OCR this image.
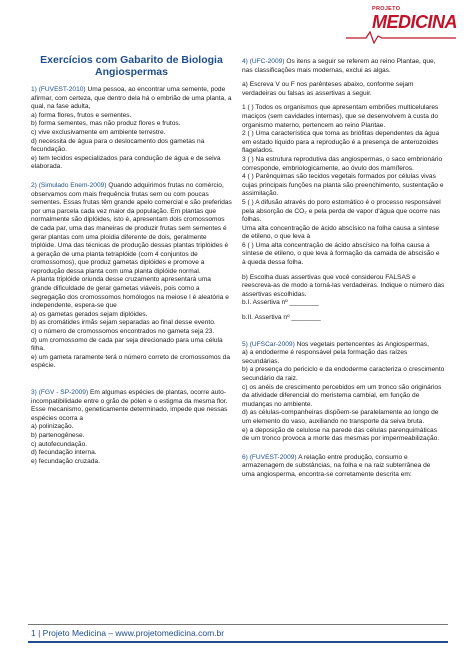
PROJETO
MEDICINA
Exercícios com Gabarito de Biologia Angiospermas

1) (FUVEST-2010) Uma pessoa, ao encontrar uma semente, pode afirmar, com certeza, que dentro dela há o embrião de uma planta, a qual, na fase adulta,

a) forma flores, frutos e sementes.

b) forma sementes, mas não produz flores e frutos.

c) vive exclusivamente em ambiente terrestre.

d) necessita de água para o deslocamento dos gametas na fecundação.

e) tem tecidos especializados para condução de água e de seiva elaborada.

2) (Simulado Enem-2009) Quando adquirimos frutas no comércio, observamos com mais frequência frutas sem ou com poucas sementes. Essas frutas têm grande apelo comercial e são preferidas por uma parcela cada vez maior da população. Em plantas que normalmente são diplóides, isto é, apresentam dois cromossomos de cada par, uma das maneiras de produzir frutas sem sementes é gerar plantas com uma ploidia diferente de dois, geralmente triplóide. Uma das técnicas de produção dessas plantas triplóides é a geração de uma planta tetraplóide (com 4 conjuntos de cromossomos), que produz gametas diplóides e promove a reprodução dessa planta com uma planta diplóide normal.

A planta triplóide oriunda desse cruzamento apresentará uma grande dificuldade de gerar gametas viáveis, pois como a segregação dos cromossomos homólogos na meiose I é aleatória e independente, espera-se que

a) os gametas gerados sejam diplóides.

b) as cromátides irmãs sejam separadas ao final desse evento.

c) o número de cromossomos encontrados no gameta seja 23.

d) um cromossomo de cada par seja direcionado para uma célula filha.

e) um gameta raramente terá o número correto de cromossomos da espécie.

3) (FGV - SP-2009) Em algumas espécies de plantas, ocorre auto-incompatibilidade entre o grão de pólen e o estigma da mesma flor. Esse mecanismo, geneticamente determinado, impede que nessas espécies ocorra a

a) polinização.

b) partenogênese.

c) autofecundação.

d) fecundação interna.

e) fecundação cruzada.

4) (UFC-2009) Os itens a seguir se referem ao reino Plantae, que, nas classificações mais modernas, exclui as algas.

a) Escreva V ou F nos parênteses abaixo, conforme sejam verdadeiras ou falsas as assertivas a seguir.

1 ( ) Todos os organismos que apresentam embriões multicelulares maciços (sem cavidades internas), que se desenvolvem à custa do organismo materno, pertencem ao reino Plantae.

2 ( ) Uma característica que toma as briófitas dependentes da água em estado líquido para a reprodução é a presença de anterozoides flagelados.

3 ( ) Na estrutura reprodutiva das angiospermas, o saco embrionário corresponde, embriologicamente, ao óvulo dos mamíferos.

4 ( ) Parênquimas são tecidos vegetais formados por células vivas cujas principais funções na planta são preenchimento, sustentação e assimilação.

5 ( ) A difusão através do poro estomático é o processo responsável pela absorção de CO₂ e pela perda de vapor d'água que ocorre nas folhas.

Uma alta concentração de ácido abscísico na folha causa a síntese de etileno, o que leva à

6 ( ) Uma alta concentração de ácido abscísico na folha causa a síntese de etileno, o que leva à formação da camada de abscisão e à queda dessa folha.

b) Escolha duas assertivas que você considerou FALSAS e reescreva-as de modo a torná-las verdadeiras. Indique o número das assertivas escolhidas.

b.I. Assertiva nº ________

b.II. Assertiva nº ________

5) (UFSCar-2009) Nos vegetais pertencentes às Angiospermas,

a) a endoderme é responsável pela formação das raízes secundárias.

b) a presença do periciclo e da endoderme caracteriza o crescimento secundário da raiz.

c) os anéis de crescimento percebidos em um tronco são originários da atividade diferencial do meristema cambial, em função de mudanças no ambiente.

d) as células-companheiras dispõem-se paralelamente ao longo de um elemento do vaso, auxiliando no transporte da seiva bruta.

e) a deposição de celulose na parede das células parenquimáticas de um tronco provoca a morte das mesmas por impermeabilização.

6) (FUVEST-2009) A relação entre produção, consumo e armazenagem de substâncias, na folha e na raiz subterrânea de uma angiosperma, encontra-se corretamente descrita em:

1 | Projeto Medicina – www.projetomedicina.com.br
